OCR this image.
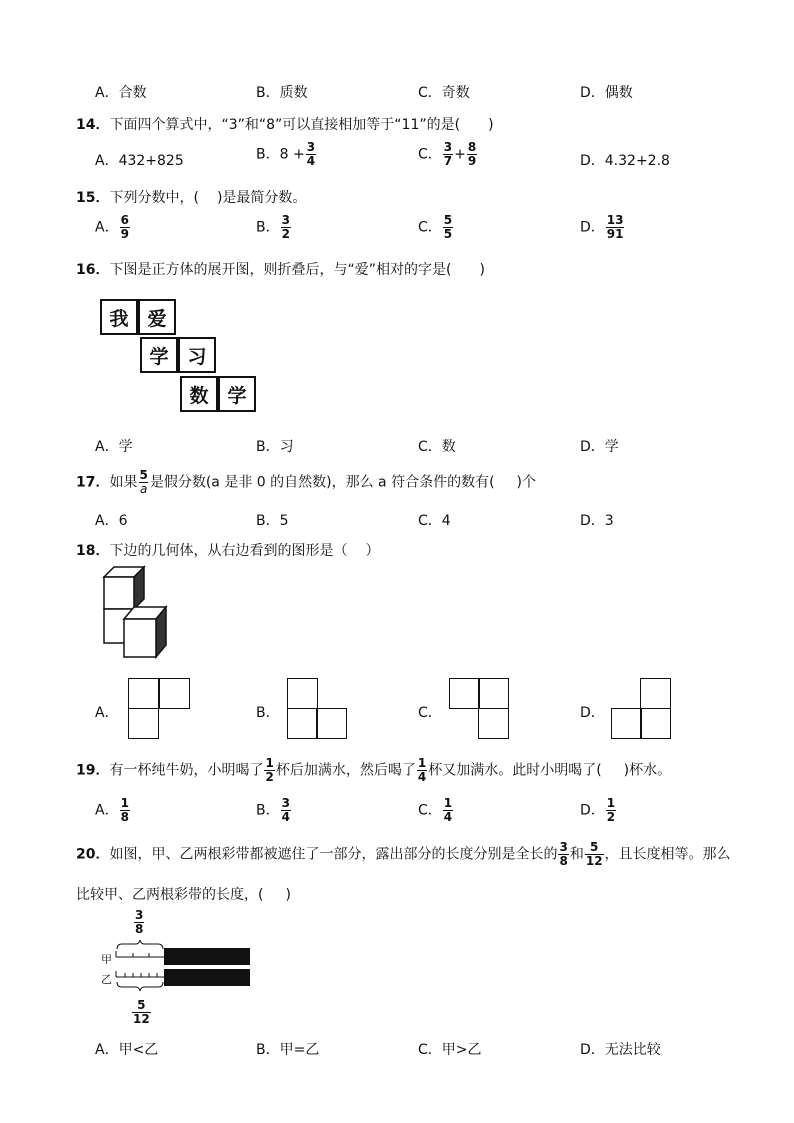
A．合数	B．质数	C．奇数	D．偶数
14．下面四个算式中，“3”和“8”可以直接相加等于“11”的是( )
A．432+825	B．$8 + \frac{3}{4}$	C． $\frac{3}{7} + \frac{8}{9}$	D．4.32+2.8
15．下列分数中，( )是最简分数。
A． $\frac{6}{9}$	B． $\frac{3}{2}$	C． $\frac{5}{5}$	D． $\frac{13}{91}$
16．下图是正方体的展开图，则折叠后，与“爱”相对的字是( )
我 爱
学 习
数 学
A．学	B．习	C．数	D．学
17．如果 $\frac{5}{a}$ 是假分数(a 是非 0 的自然数)，那么 a 符合条件的数有( )个
A．6	B．5	C．4	D．3
18．下边的几何体，从右边看到的图形是（ ）
A．	B．	C．	D．
19．有一杯纯牛奶，小明喝了 $\frac{1}{2}$ 杯后加满水，然后喝了 $\frac{1}{4}$ 杯又加满水。此时小明喝了( )杯水。
A． $\frac{1}{8}$	B． $\frac{3}{4}$	C． $\frac{1}{4}$	D． $\frac{1}{2}$
20．如图，甲、乙两根彩带都被遮住了一部分，露出部分的长度分别是全长的 $\frac{3}{8}$ 和 $\frac{5}{12}$ ，且长度相等。那么
比较甲、乙两根彩带的长度，( )
$\frac{3}{8}$
甲
乙
$\frac{5}{12}$
A．甲<乙	B．甲=乙	C．甲>乙	D．无法比较
